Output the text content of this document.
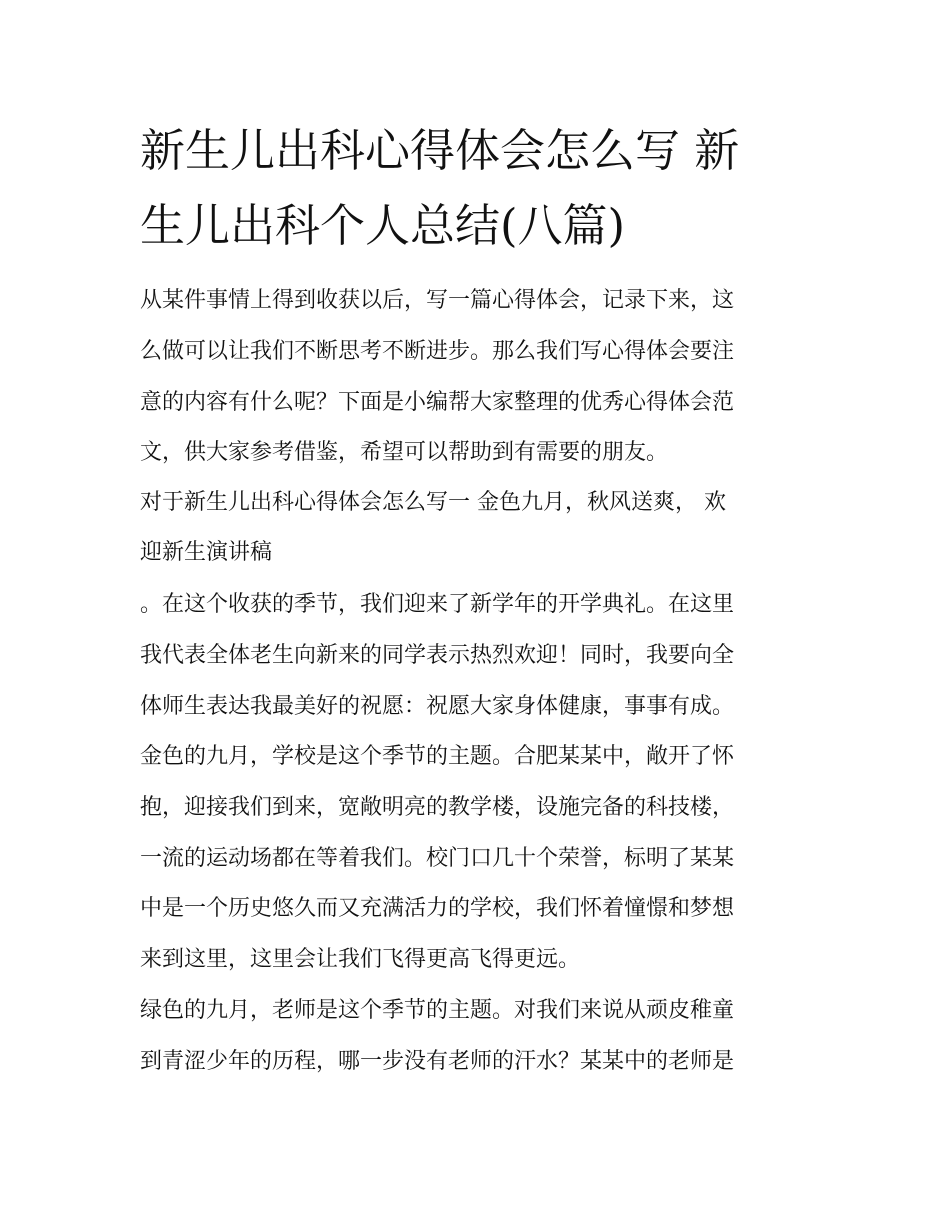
新生儿出科心得体会怎么写 新
生儿出科个人总结(八篇)
从某件事情上得到收获以后，写一篇心得体会，记录下来，这
么做可以让我们不断思考不断进步。那么我们写心得体会要注
意的内容有什么呢？下面是小编帮大家整理的优秀心得体会范
文，供大家参考借鉴，希望可以帮助到有需要的朋友。
对于新生儿出科心得体会怎么写一 金色九月，秋风送爽， 欢
迎新生演讲稿
。在这个收获的季节，我们迎来了新学年的开学典礼。在这里
我代表全体老生向新来的同学表示热烈欢迎！同时，我要向全
体师生表达我最美好的祝愿：祝愿大家身体健康，事事有成。
金色的九月，学校是这个季节的主题。合肥某某中，敞开了怀
抱，迎接我们到来，宽敞明亮的教学楼，设施完备的科技楼，
一流的运动场都在等着我们。校门口几十个荣誉，标明了某某
中是一个历史悠久而又充满活力的学校，我们怀着憧憬和梦想
来到这里，这里会让我们飞得更高飞得更远。
绿色的九月，老师是这个季节的主题。对我们来说从顽皮稚童
到青涩少年的历程，哪一步没有老师的汗水？某某中的老师是
